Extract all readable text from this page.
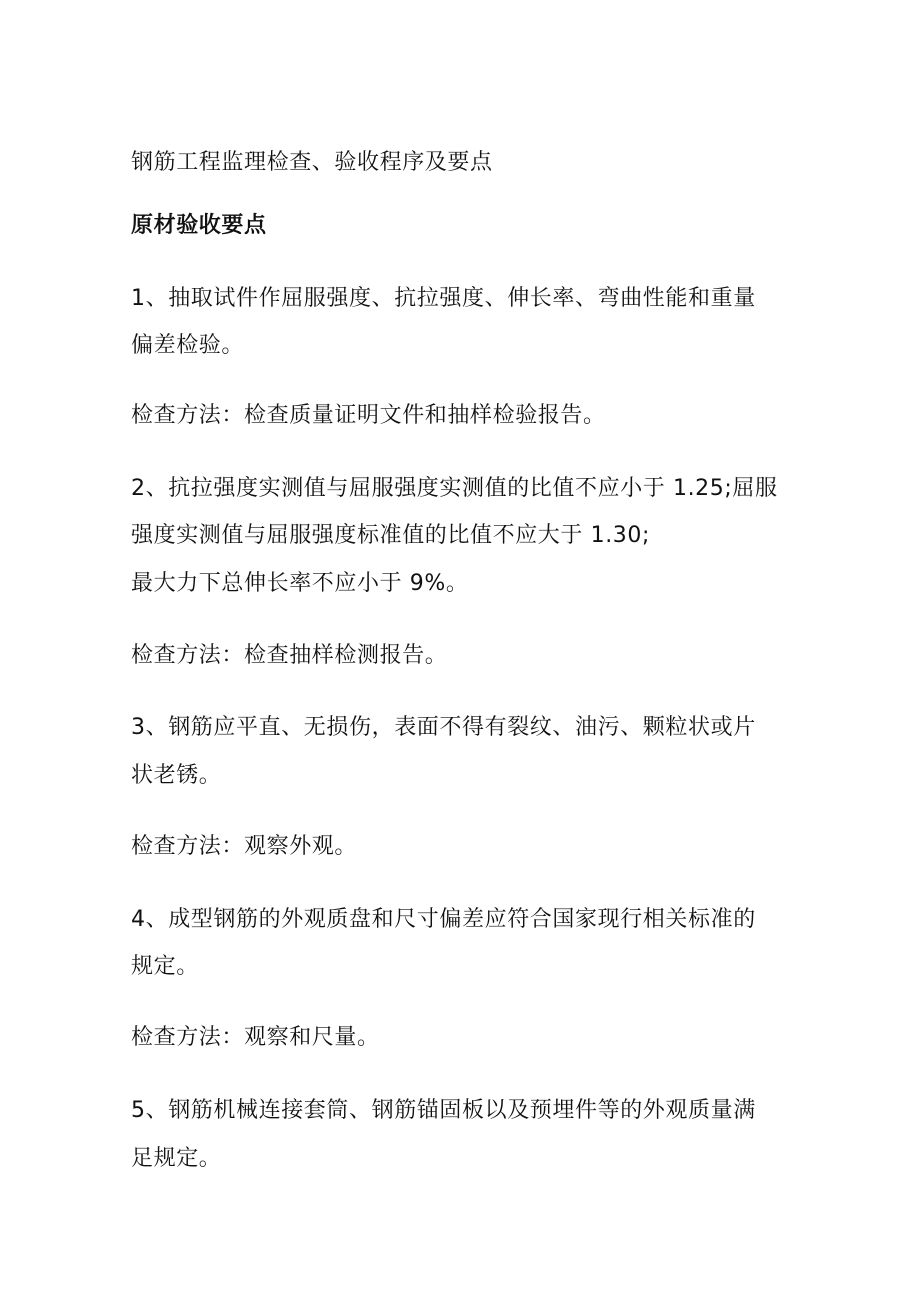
钢筋工程监理检查、验收程序及要点
原材验收要点
1、抽取试件作屈服强度、抗拉强度、伸长率、弯曲性能和重量
偏差检验。
检查方法：检查质量证明文件和抽样检验报告。
2、抗拉强度实测值与屈服强度实测值的比值不应小于 1.25;屈服
强度实测值与屈服强度标准值的比值不应大于 1.30;
最大力下总伸长率不应小于 9%。
检查方法：检查抽样检测报告。
3、钢筋应平直、无损伤，表面不得有裂纹、油污、颗粒状或片
状老锈。
检查方法：观察外观。
4、成型钢筋的外观质盘和尺寸偏差应符合国家现行相关标准的
规定。
检查方法：观察和尺量。
5、钢筋机械连接套筒、钢筋锚固板以及预埋件等的外观质量满
足规定。
